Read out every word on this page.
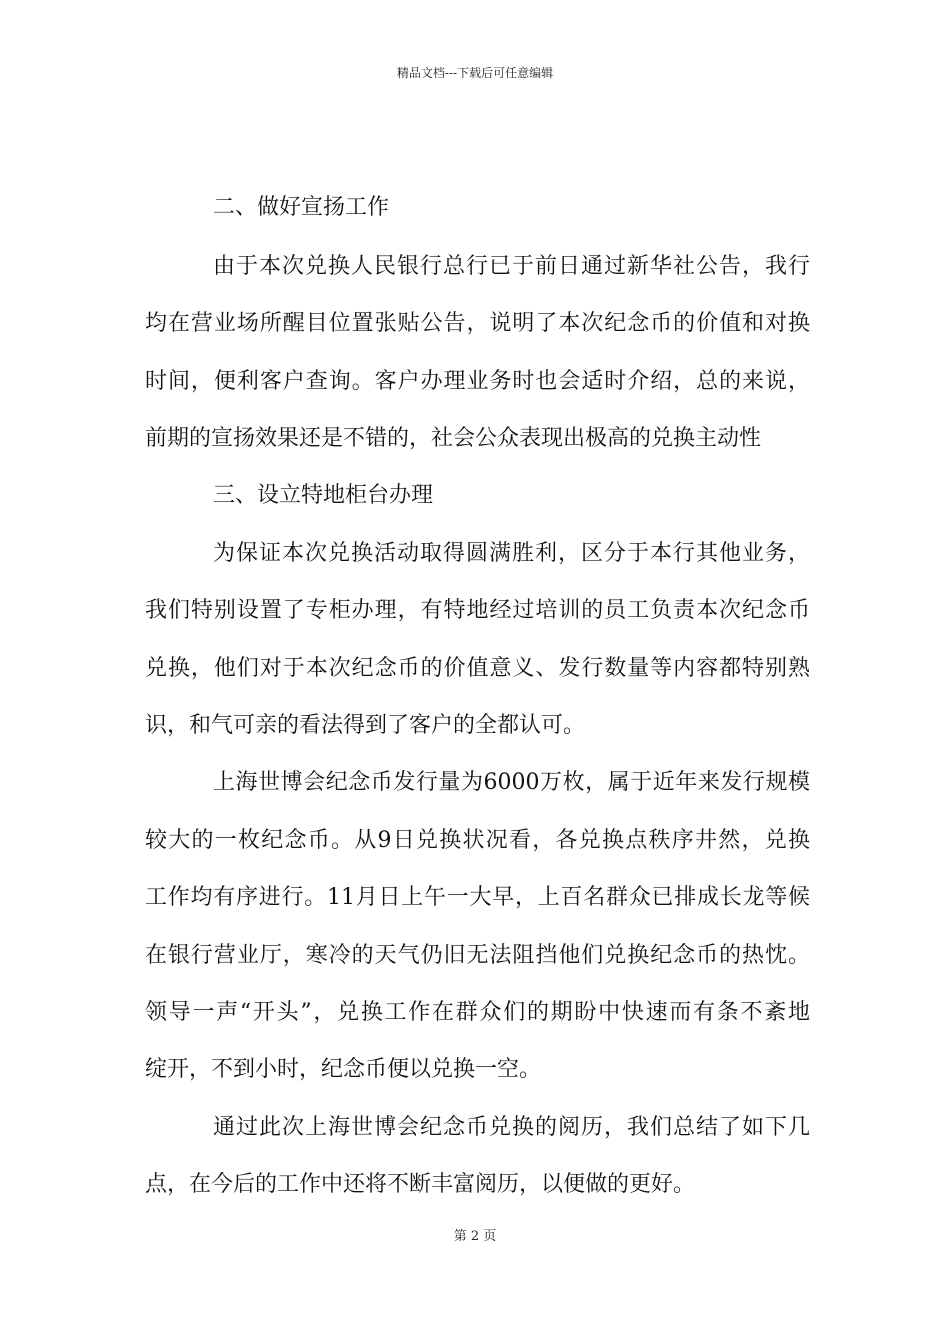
精品文档---下载后可任意编辑
二、做好宣扬工作
由于本次兑换人民银行总行已于前日通过新华社公告，我行
均在营业场所醒目位置张贴公告，说明了本次纪念币的价值和对换
时间，便利客户查询。客户办理业务时也会适时介绍，总的来说，
前期的宣扬效果还是不错的，社会公众表现出极高的兑换主动性
三、设立特地柜台办理
为保证本次兑换活动取得圆满胜利，区分于本行其他业务，
我们特别设置了专柜办理，有特地经过培训的员工负责本次纪念币
兑换，他们对于本次纪念币的价值意义、发行数量等内容都特别熟
识，和气可亲的看法得到了客户的全都认可。
上海世博会纪念币发行量为6000万枚，属于近年来发行规模
较大的一枚纪念币。从9日兑换状况看，各兑换点秩序井然，兑换
工作均有序进行。11月日上午一大早，上百名群众已排成长龙等候
在银行营业厅，寒冷的天气仍旧无法阻挡他们兑换纪念币的热忱。
领导一声“开头”，兑换工作在群众们的期盼中快速而有条不紊地
绽开，不到小时，纪念币便以兑换一空。
通过此次上海世博会纪念币兑换的阅历，我们总结了如下几
点，在今后的工作中还将不断丰富阅历，以便做的更好。
第 2 页
